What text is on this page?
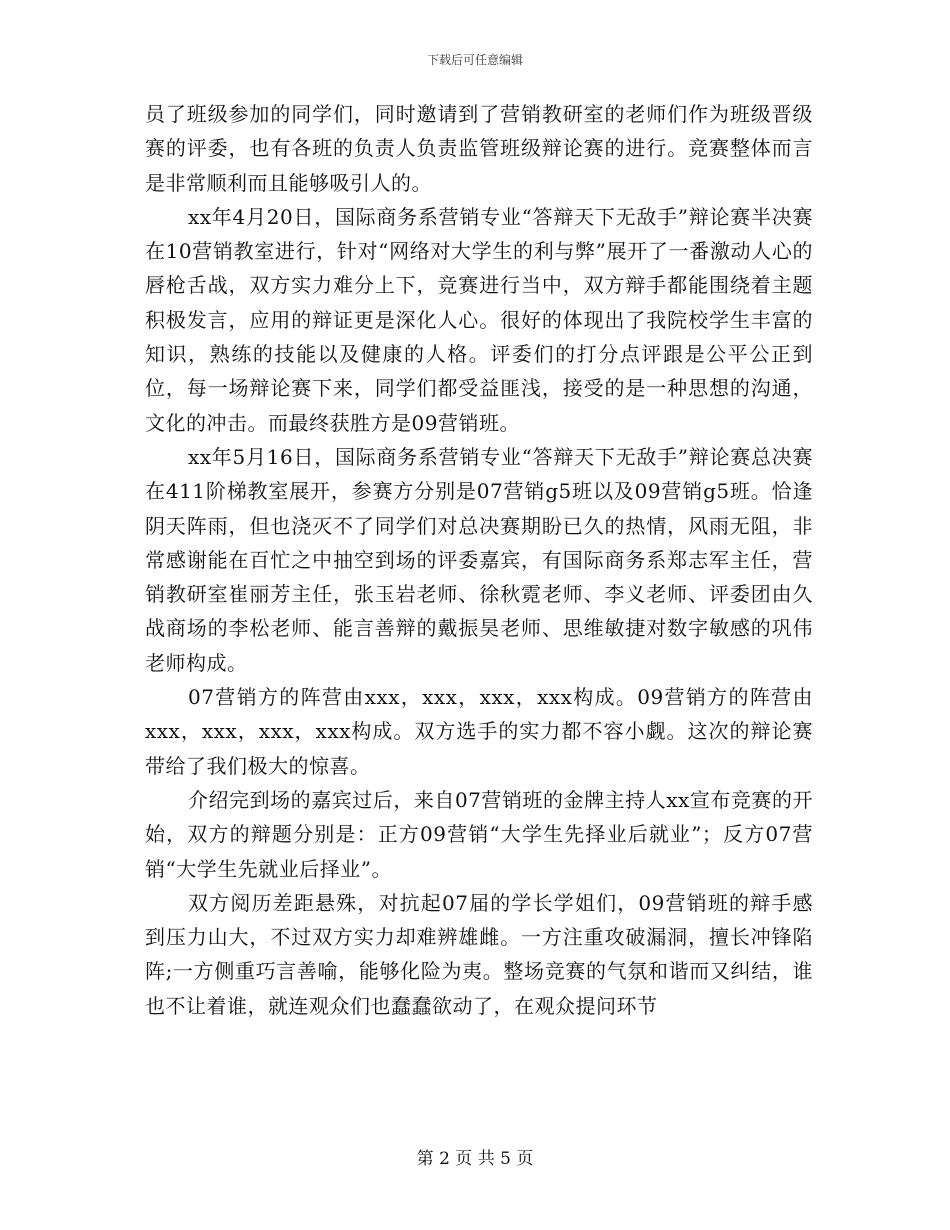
下载后可任意编辑

员了班级参加的同学们，同时邀请到了营销教研室的老师们作为班级晋级赛的评委，也有各班的负责人负责监管班级辩论赛的进行。竞赛整体而言是非常顺利而且能够吸引人的。

xx年4月20日，国际商务系营销专业“答辩天下无敌手”辩论赛半决赛在10营销教室进行，针对“网络对大学生的利与弊”展开了一番激动人心的唇枪舌战，双方实力难分上下，竞赛进行当中，双方辩手都能围绕着主题积极发言，应用的辩证更是深化人心。很好的体现出了我院校学生丰富的知识，熟练的技能以及健康的人格。评委们的打分点评跟是公平公正到位，每一场辩论赛下来，同学们都受益匪浅，接受的是一种思想的沟通，文化的冲击。而最终获胜方是09营销班。

xx年5月16日，国际商务系营销专业“答辩天下无敌手”辩论赛总决赛在411阶梯教室展开，参赛方分别是07营销g5班以及09营销g5班。恰逢阴天阵雨，但也浇灭不了同学们对总决赛期盼已久的热情，风雨无阻，非常感谢能在百忙之中抽空到场的评委嘉宾，有国际商务系郑志军主任，营销教研室崔丽芳主任，张玉岩老师、徐秋霓老师、李义老师、评委团由久战商场的李松老师、能言善辩的戴振昊老师、思维敏捷对数字敏感的巩伟老师构成。

07营销方的阵营由xxx，xxx，xxx，xxx构成。09营销方的阵营由xxx，xxx，xxx，xxx构成。双方选手的实力都不容小觑。这次的辩论赛带给了我们极大的惊喜。

介绍完到场的嘉宾过后，来自07营销班的金牌主持人xx宣布竞赛的开始，双方的辩题分别是：正方09营销“大学生先择业后就业”；反方07营销“大学生先就业后择业”。

双方阅历差距悬殊，对抗起07届的学长学姐们，09营销班的辩手感到压力山大，不过双方实力却难辨雄雌。一方注重攻破漏洞，擅长冲锋陷阵;一方侧重巧言善喻，能够化险为夷。整场竞赛的气氛和谐而又纠结，谁也不让着谁，就连观众们也蠢蠢欲动了，在观众提问环节

第 2 页 共 5 页
